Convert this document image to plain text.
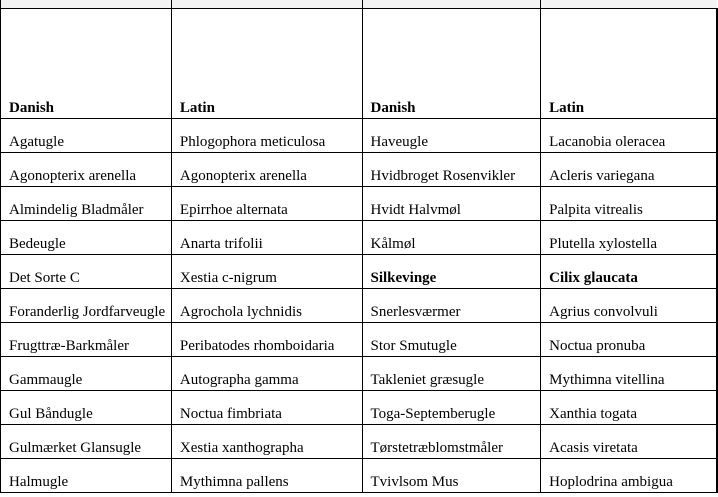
Danish	Latin	Danish	Latin
Agatugle	Phlogophora meticulosa	Haveugle	Lacanobia oleracea
Agonopterix arenella	Agonopterix arenella	Hvidbroget Rosenvikler	Acleris variegana
Almindelig Bladmåler	Epirrhoe alternata	Hvidt Halvmøl	Palpita vitrealis
Bedeugle	Anarta trifolii	Kålmøl	Plutella xylostella
Det Sorte C	Xestia c-nigrum	Silkevinge	Cilix glaucata
Foranderlig Jordfarveugle	Agrochola lychnidis	Snerlesværmer	Agrius convolvuli
Frugttræ-Barkmåler	Peribatodes rhomboidaria	Stor Smutugle	Noctua pronuba
Gammaugle	Autographa gamma	Takleniet græsugle	Mythimna vitellina
Gul Båndugle	Noctua fimbriata	Toga-Septemberugle	Xanthia togata
Gulmærket Glansugle	Xestia xanthographa	Tørstetræblomstmåler	Acasis viretata
Halmugle	Mythimna pallens	Tvivlsom Mus	Hoplodrina ambigua
